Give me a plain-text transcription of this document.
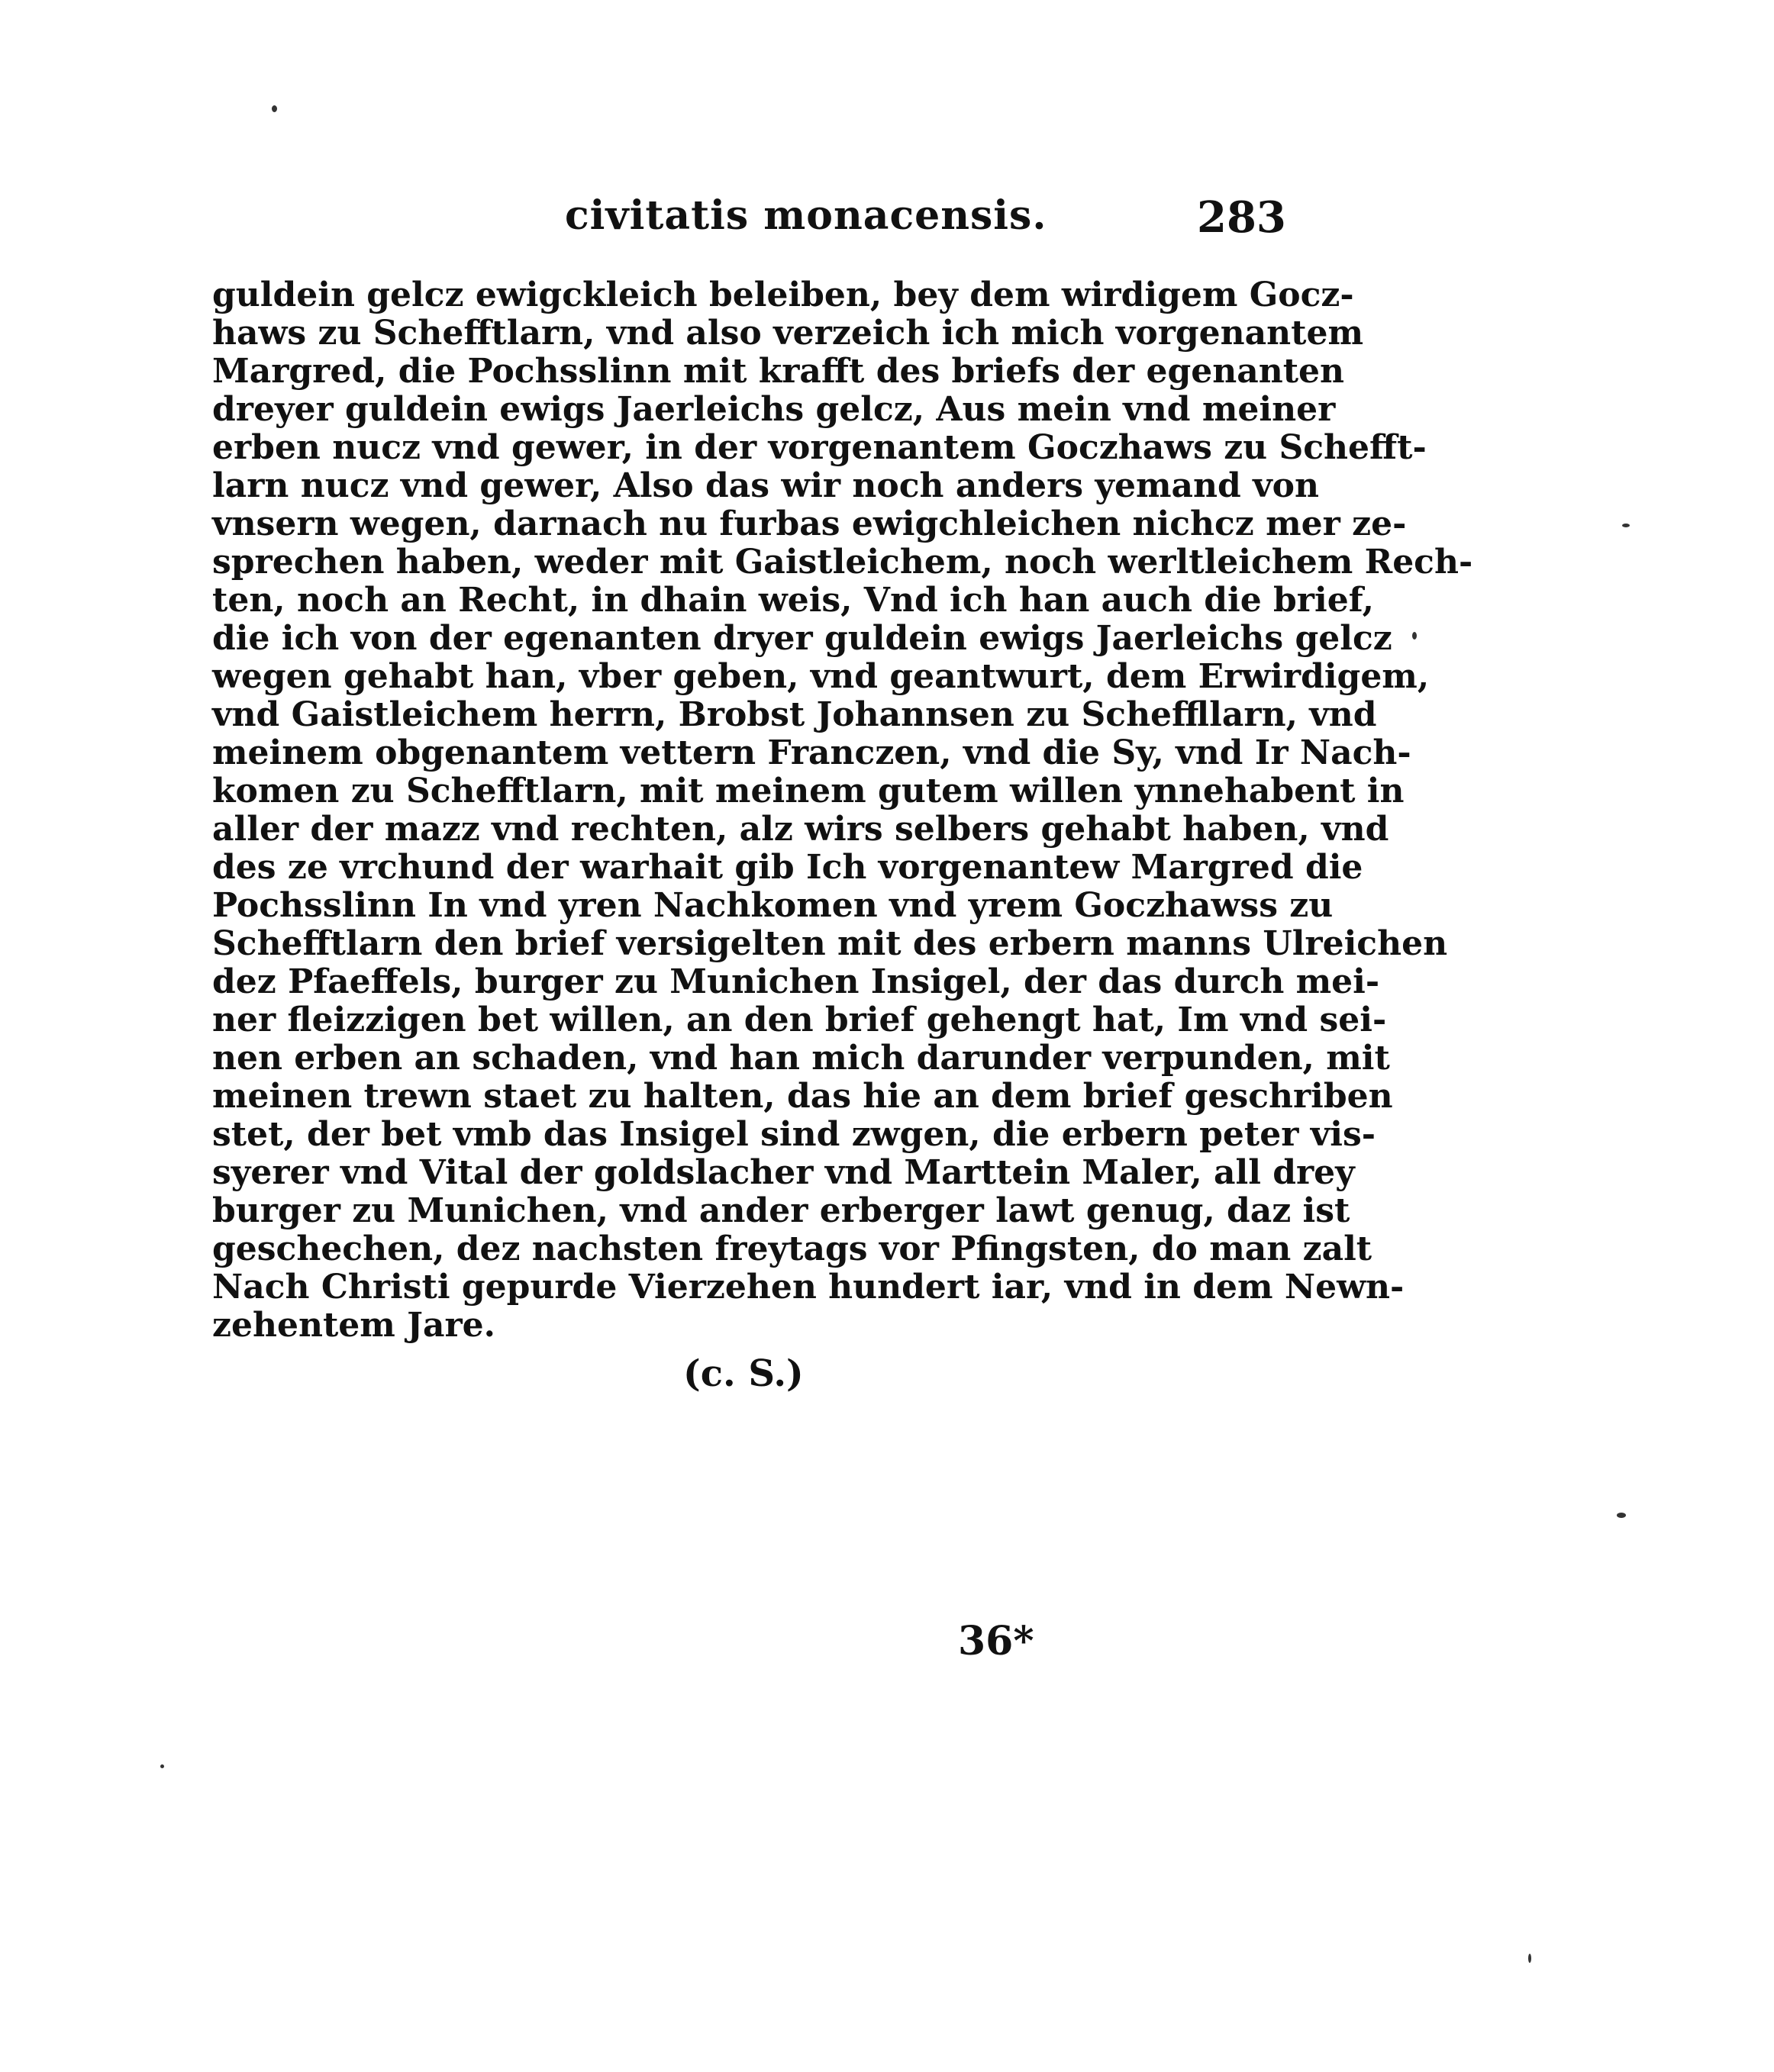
civitatis monacensis.	283
guldein gelcz ewigckleich beleiben, bey dem wirdigem Gocz-
haws zu Schefftlarn, vnd also verzeich ich mich vorgenantem
Margred, die Pochsslinn mit krafft des briefs der egenanten
dreyer guldein ewigs Jaerleichs gelcz, Aus mein vnd meiner
erben nucz vnd gewer, in der vorgenantem Goczhaws zu Schefft-
larn nucz vnd gewer, Also das wir noch anders yemand von
vnsern wegen, darnach nu furbas ewigchleichen nichcz mer ze-
sprechen haben, weder mit Gaistleichem, noch werltleichem Rech-
ten, noch an Recht, in dhain weis, Vnd ich han auch die brief,
die ich von der egenanten dryer guldein ewigs Jaerleichs gelcz
wegen gehabt han, vber geben, vnd geantwurt, dem Erwirdigem,
vnd Gaistleichem herrn, Brobst Johannsen zu Scheffllarn, vnd
meinem obgenantem vettern Franczen, vnd die Sy, vnd Ir Nach-
komen zu Schefftlarn, mit meinem gutem willen ynnehabent in
aller der mazz vnd rechten, alz wirs selbers gehabt haben, vnd
des ze vrchund der warhait gib Ich vorgenantew Margred die
Pochsslinn In vnd yren Nachkomen vnd yrem Goczhawss zu
Schefftlarn den brief versigelten mit des erbern manns Ulreichen
dez Pfaeffels, burger zu Munichen Insigel, der das durch mei-
ner fleizzigen bet willen, an den brief gehengt hat, Im vnd sei-
nen erben an schaden, vnd han mich darunder verpunden, mit
meinen trewn staet zu halten, das hie an dem brief geschriben
stet, der bet vmb das Insigel sind zwgen, die erbern peter vis-
syerer vnd Vital der goldslacher vnd Marttein Maler, all drey
burger zu Munichen, vnd ander erberger lawt genug, daz ist
geschechen, dez nachsten freytags vor Pfingsten, do man zalt
Nach Christi gepurde Vierzehen hundert iar, vnd in dem Newn-
zehentem Jare.
(c. S.)
36*
